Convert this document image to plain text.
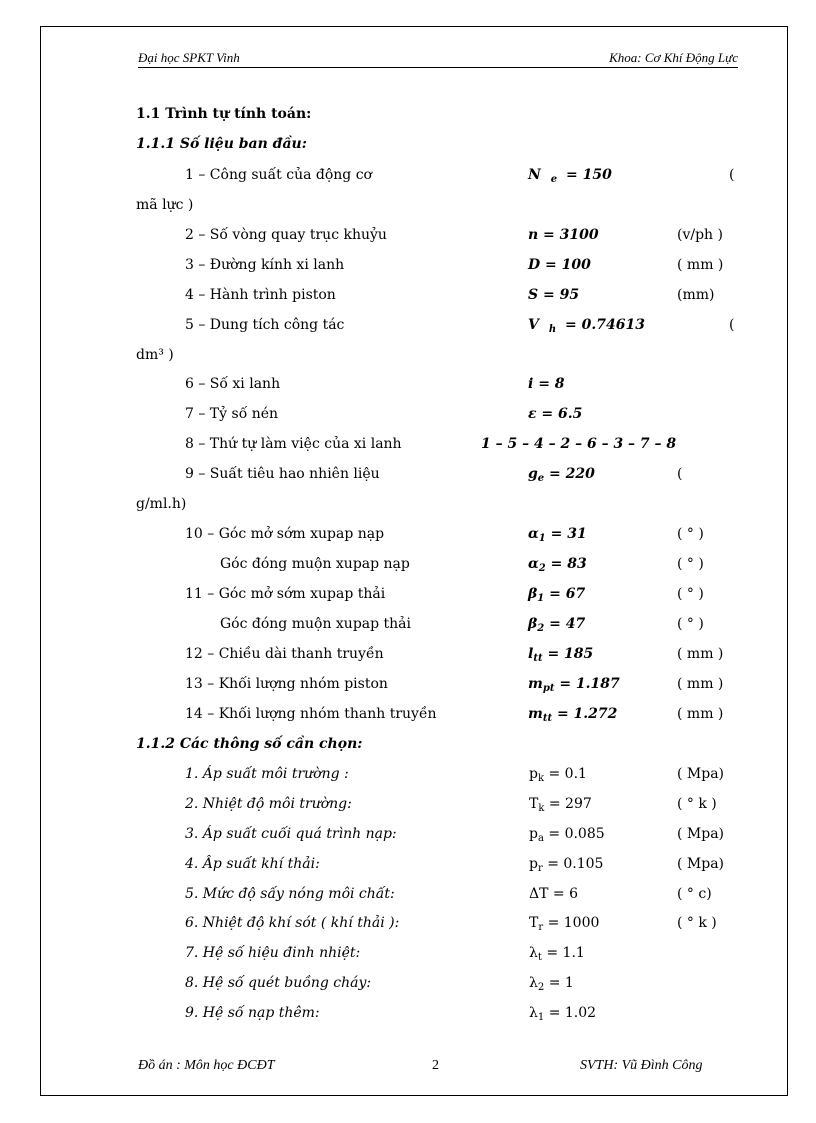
Đại học SPKT Vinh	Khoa: Cơ Khí Động Lực
1.1 Trình tự tính toán:
1.1.1 Số liệu ban đầu:
1 – Công suất của động cơ	N $_e$ = 150	(
mã lực )
2 – Số vòng quay trục khuỷu	n = 3100	(v/ph )
3 – Đường kính xi lanh	D = 100	( mm )
4 – Hành trình piston	S = 95	(mm)
5 – Dung tích công tác	V $_h$ = 0.74613	(
dm³ )
6 – Số xi lanh	i = 8
7 – Tỷ số nén	ε = 6.5
8 – Thứ tự làm việc của xi lanh	1 – 5 – 4 – 2 – 6 – 3 – 7 – 8
9 – Suất tiêu hao nhiên liệu	$g_e = 220$	(
g/ml.h)
10 – Góc mở sớm xupap nạp	$\alpha_1 = 31$	( ° )
Góc đóng muộn xupap nạp	$\alpha_2 = 83$	( ° )
11 – Góc mở sớm xupap thải	$\beta_1 = 67$	( ° )
Góc đóng muộn xupap thải	$\beta_2 = 47$	( ° )
12 – Chiều dài thanh truyền	$l_{tt} = 185$	( mm )
13 – Khối lượng nhóm piston	$m_{pt} = 1.187$	( mm )
14 – Khối lượng nhóm thanh truyền	$m_{tt} = 1.272$	( mm )
1.1.2 Các thông số cần chọn:
1. Áp suất môi trường :	$p_k = 0.1$	( Mpa)
2. Nhiệt độ môi trường:	$T_k = 297$	( ° k )
3. Áp suất cuối quá trình nạp:	$p_a = 0.085$	( Mpa)
4. Âp suất khí thải:	$p_r = 0.105$	( Mpa)
5. Mức độ sấy nóng môi chất:	ΔT = 6	( ° c)
6. Nhiệt độ khí sót ( khí thải ):	$T_r = 1000$	( ° k )
7. Hệ số hiệu đinh nhiệt:	$\lambda_t = 1.1$
8. Hệ số quét buồng cháy:	$\lambda_2 = 1$
9. Hệ số nạp thêm:	$\lambda_1 = 1.02$
Đồ án : Môn học ĐCĐT	2	SVTH: Vũ Đình Công
